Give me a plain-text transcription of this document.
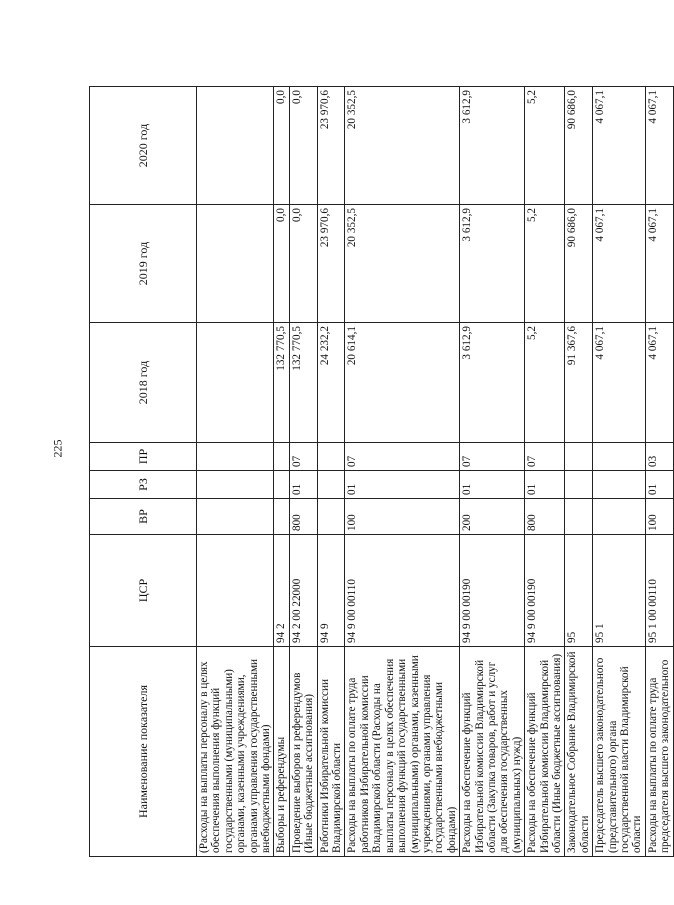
225
Наименование показателя	ЦСР	ВР	РЗ	ПР	2018 год	2019 год	2020 год
(Расходы на выплаты персоналу в целях обеспечения выполнения функций государственными (муниципальными) органами, казенными учреждениями, органами управления государственными внебюджетными фондами)							
Выборы и референдумы	94 2				132 770,5	0,0	0,0
Проведение выборов и референдумов (Иные бюджетные ассигнования)	94 2 00 22000	800	01	07	132 770,5	0,0	0,0
Работники Избирательной комиссии Владимирской области	94 9				24 232,2	23 970,6	23 970,6
Расходы на выплаты по оплате труда работников Избирательной комиссии Владимирской области (Расходы на выплаты персоналу в целях обеспечения выполнения функций государственными (муниципальными) органами, казенными учреждениями, органами управления государственными внебюджетными фондами)	94 9 00 00110	100	01	07	20 614,1	20 352,5	20 352,5
Расходы на обеспечение функций Избирательной комиссии Владимирской области (Закупка товаров, работ и услуг для обеспечения государственных (муниципальных) нужд)	94 9 00 00190	200	01	07	3 612,9	3 612,9	3 612,9
Расходы на обеспечение функций Избирательной комиссии Владимирской области (Иные бюджетные ассигнования)	94 9 00 00190	800	01	07	5,2	5,2	5,2
Законодательное Собрание Владимирской области	95				91 367,6	90 686,0	90 686,0
Председатель высшего законодательного (представительного) органа государственной власти Владимирской области	95 1				4 067,1	4 067,1	4 067,1
Расходы на выплаты по оплате труда председателя высшего законодательного	95 1 00 00110	100	01	03	4 067,1	4 067,1	4 067,1
